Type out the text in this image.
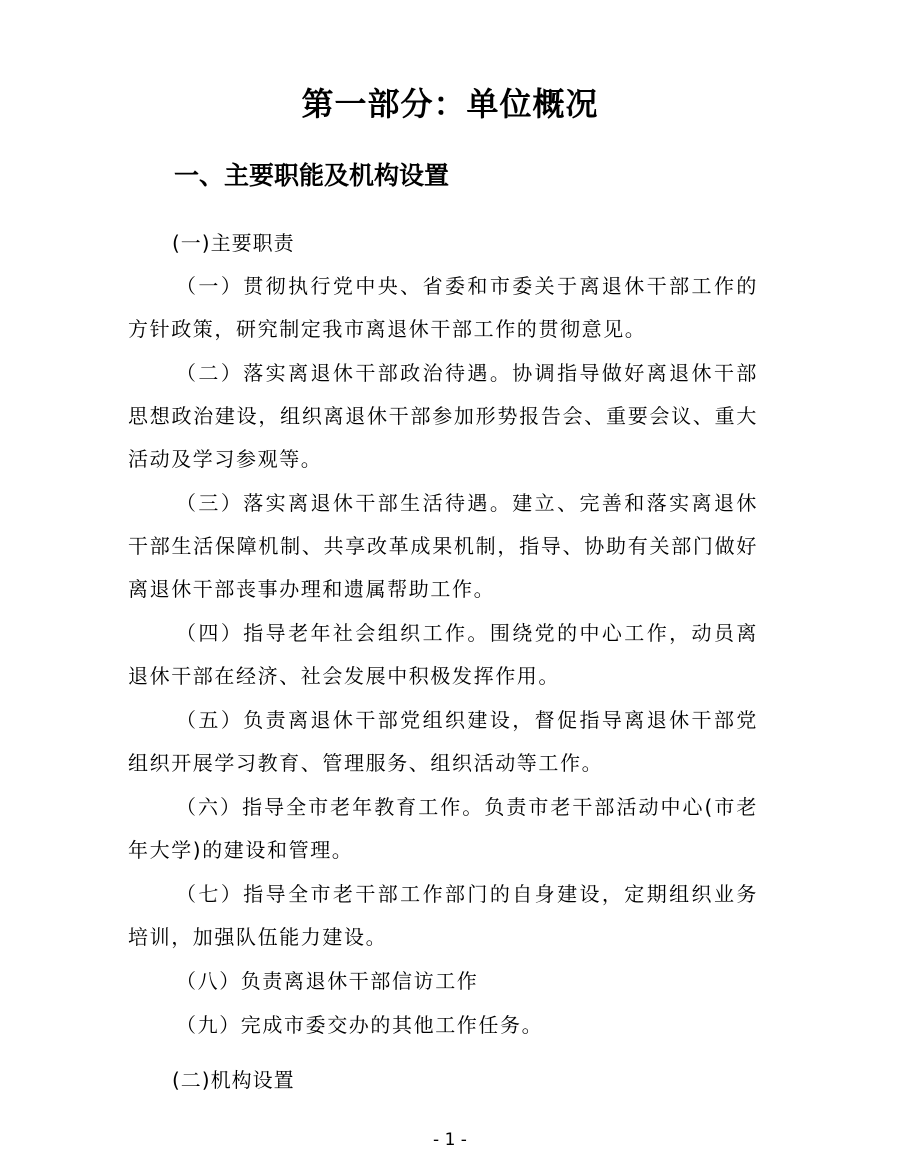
第一部分：单位概况
一、主要职能及机构设置
(一)主要职责

（一）贯彻执行党中央、省委和市委关于离退休干部工作的方针政策，研究制定我市离退休干部工作的贯彻意见。

（二）落实离退休干部政治待遇。协调指导做好离退休干部思想政治建设，组织离退休干部参加形势报告会、重要会议、重大活动及学习参观等。

（三）落实离退休干部生活待遇。建立、完善和落实离退休干部生活保障机制、共享改革成果机制，指导、协助有关部门做好离退休干部丧事办理和遗属帮助工作。

（四）指导老年社会组织工作。围绕党的中心工作，动员离退休干部在经济、社会发展中积极发挥作用。

（五）负责离退休干部党组织建设，督促指导离退休干部党组织开展学习教育、管理服务、组织活动等工作。

（六）指导全市老年教育工作。负责市老干部活动中心(市老年大学)的建设和管理。

（七）指导全市老干部工作部门的自身建设，定期组织业务培训，加强队伍能力建设。

（八）负责离退休干部信访工作

（九）完成市委交办的其他工作任务。

(二)机构设置
- 1 -
